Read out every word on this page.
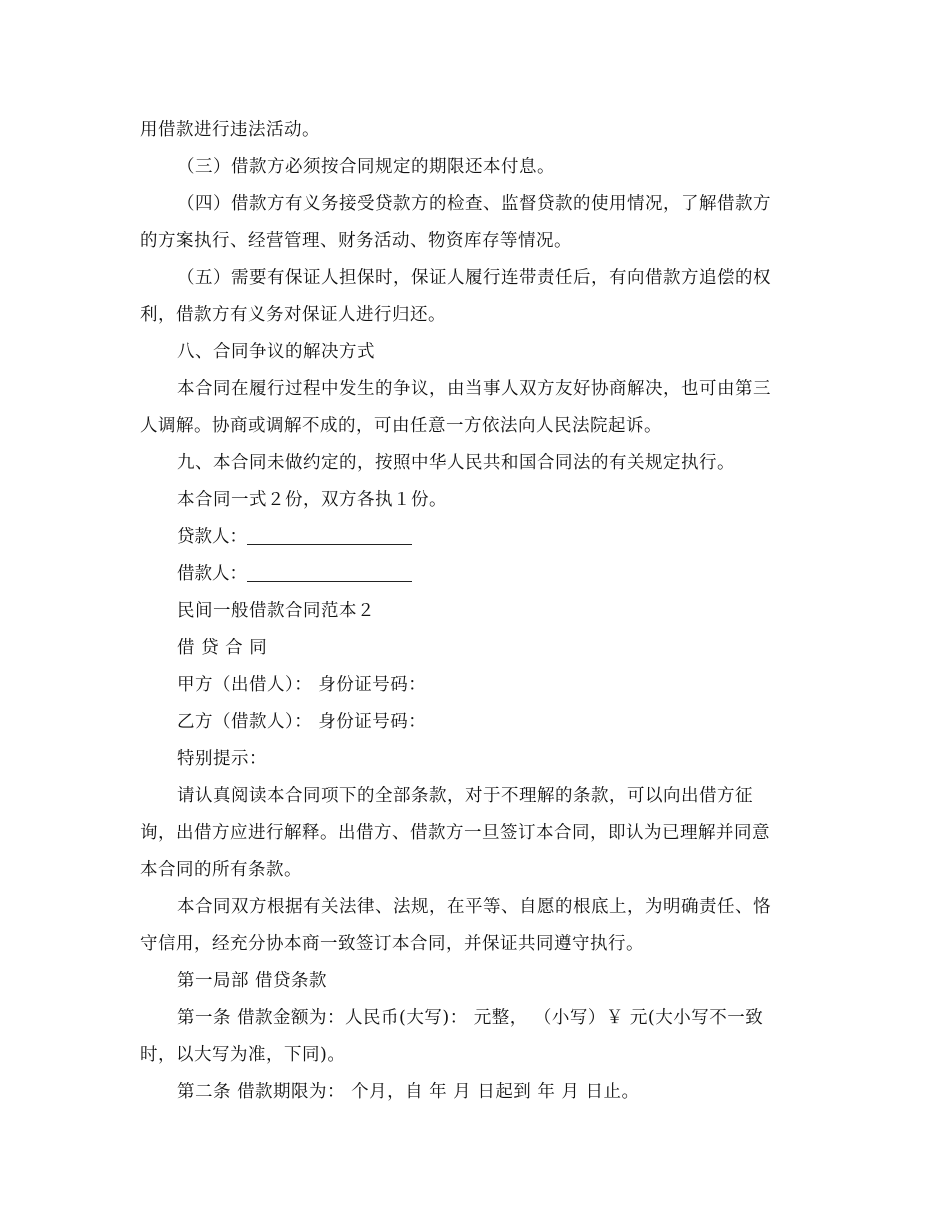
用借款进行违法活动。

（三）借款方必须按合同规定的期限还本付息。

（四）借款方有义务接受贷款方的检查、监督贷款的使用情况，了解借款方
的方案执行、经营管理、财务活动、物资库存等情况。

（五）需要有保证人担保时，保证人履行连带责任后，有向借款方追偿的权
利，借款方有义务对保证人进行归还。

八、合同争议的解决方式

本合同在履行过程中发生的争议，由当事人双方友好协商解决，也可由第三
人调解。协商或调解不成的，可由任意一方依法向人民法院起诉。

九、本合同未做约定的，按照中华人民共和国合同法的有关规定执行。

本合同一式２份，双方各执１份。

贷款人：

借款人：

民间一般借款合同范本２

借 贷 合 同

甲方（出借人）： 身份证号码：

乙方（借款人）： 身份证号码：

特别提示：

请认真阅读本合同项下的全部条款，对于不理解的条款，可以向出借方征
询，出借方应进行解释。出借方、借款方一旦签订本合同，即认为已理解并同意
本合同的所有条款。

本合同双方根据有关法律、法规，在平等、自愿的根底上，为明确责任、恪
守信用，经充分协本商一致签订本合同，并保证共同遵守执行。

第一局部 借贷条款

第一条 借款金额为：人民币(大写)： 元整， （小写）￥ 元(大小写不一致
时，以大写为准，下同)。

第二条 借款期限为： 个月，自 年 月 日起到 年 月 日止。
